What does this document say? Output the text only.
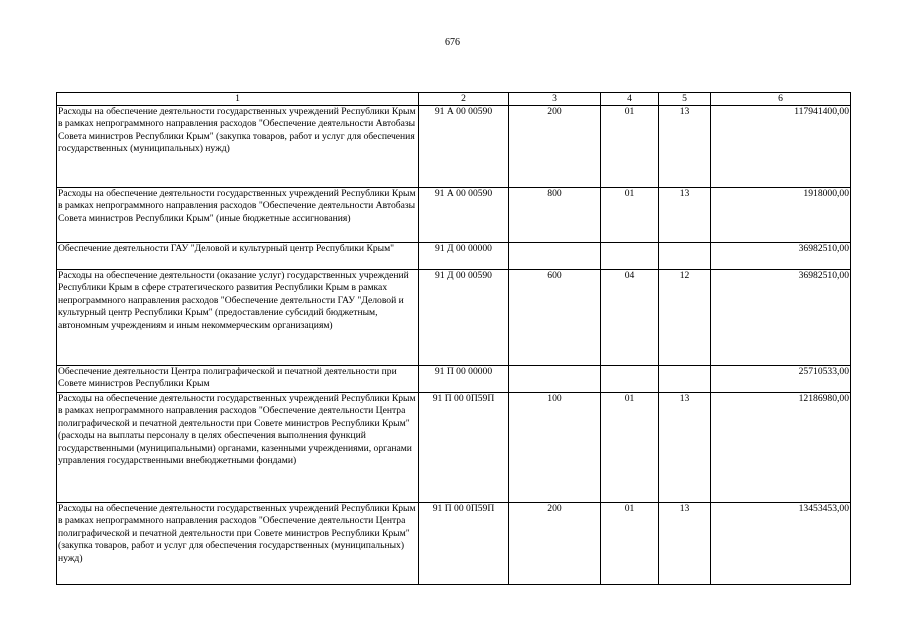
676
1	2	3	4	5	6
Расходы на обеспечение деятельности государственных учреждений Республики Крым в рамках непрограммного направления расходов "Обеспечение деятельности Автобазы Совета министров Республики Крым" (закупка товаров, работ и услуг для обеспечения государственных (муниципальных) нужд)	91 А 00 00590	200	01	13	117941400,00
Расходы на обеспечение деятельности государственных учреждений Республики Крым в рамках непрограммного направления расходов "Обеспечение деятельности Автобазы Совета министров Республики Крым" (иные бюджетные ассигнования)	91 А 00 00590	800	01	13	1918000,00
Обеспечение деятельности ГАУ "Деловой и культурный центр Республики Крым"	91 Д 00 00000				36982510,00
Расходы на обеспечение деятельности (оказание услуг) государственных учреждений Республики Крым в сфере стратегического развития Республики Крым в рамках непрограммного направления расходов "Обеспечение деятельности ГАУ "Деловой и культурный центр Республики Крым" (предоставление субсидий бюджетным, автономным учреждениям и иным некоммерческим организациям)	91 Д 00 00590	600	04	12	36982510,00
Обеспечение деятельности Центра полиграфической и печатной деятельности при Совете министров Республики Крым	91 П 00 00000				25710533,00
Расходы на обеспечение деятельности государственных учреждений Республики Крым в рамках непрограммного направления расходов "Обеспечение деятельности Центра полиграфической и печатной деятельности при Совете министров Республики Крым" (расходы на выплаты персоналу в целях обеспечения выполнения функций государственными (муниципальными) органами, казенными учреждениями, органами управления государственными внебюджетными фондами)	91 П 00 0П59П	100	01	13	12186980,00
Расходы на обеспечение деятельности государственных учреждений Республики Крым в рамках непрограммного направления расходов "Обеспечение деятельности Центра полиграфической и печатной деятельности при Совете министров Республики Крым" (закупка товаров, работ и услуг для обеспечения государственных (муниципальных) нужд)	91 П 00 0П59П	200	01	13	13453453,00
